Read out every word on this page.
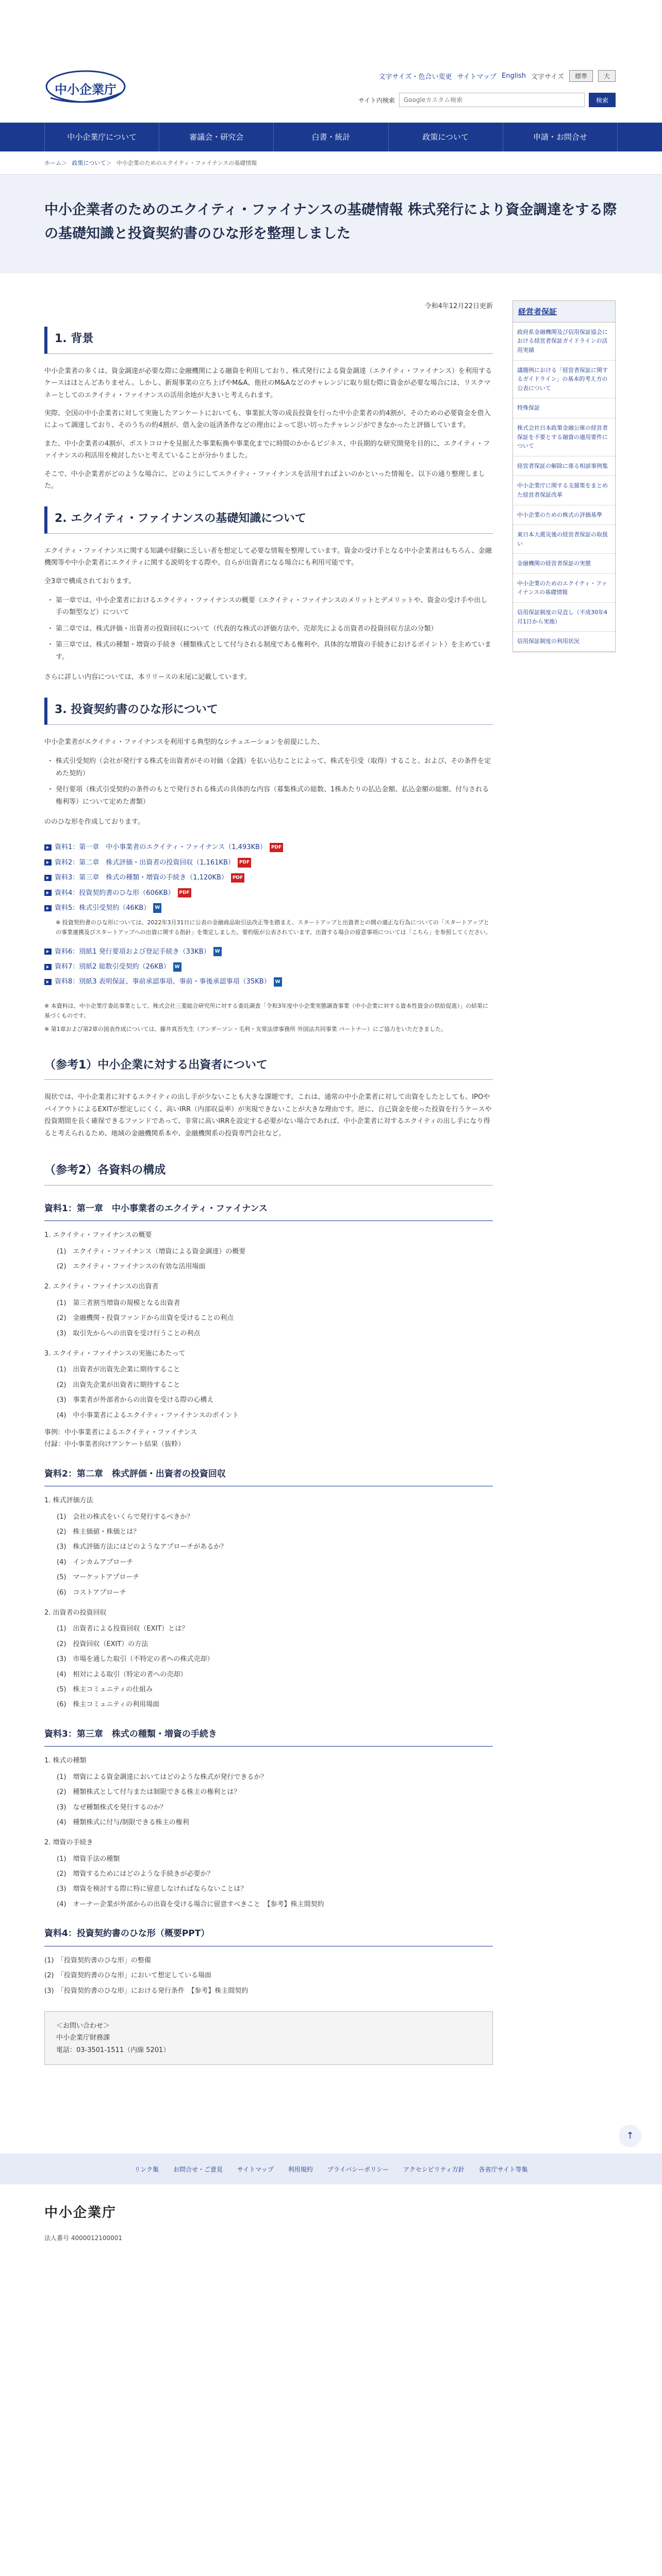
中小企業庁
文字サイズ・色合い変更 サイトマップ English 文字サイズ	標準	大
サイト内検索
Googleカスタム検索	検索
中小企業庁について	審議会・研究会	白書・統計	政策について	申請・お問合せ
ホーム＞ 政策について＞ 中小企業のためのエクイティ・ファイナンスの基礎情報
中小企業者のためのエクイティ・ファイナンスの基礎情報 株式発行により資金調達をする際の基礎知識と投資契約書のひな形を整理しました
令和4年12月22日更新
1. 背景

中小企業者の多くは、資金調達が必要な際に金融機関による融資を利用しており、株式発行による資金調達（エクイティ・ファイナンス）を利用するケースはほとんどありません。しかし、新規事業の立ち上げやM&A、他社のM&Aなどのチャレンジに取り組む際に資金が必要な場合には、リスクマネーとしてのエクイティ・ファイナンスの活用余地が大きいと考えられます。

実際、全国の中小企業者に対して実施したアンケートにおいても、事業拡大等の成長投資を行った中小企業者の約4割が、そのための必要資金を借入によって調達しており、そのうちの約4割が、借入金の返済条件などの理由によって思い切ったチャレンジができなかったと評価しています。

また、中小企業者の4割が、ポストコロナを見据えた事業転換や事業化までに時間のかかるビジネス、中長期的な研究開発を目的に、エクイティ・ファイナンスの利活用を検討したいと考えていることが分かりました。

そこで、中小企業者がどのような場合に、どのようにしてエクイティ・ファイナンスを活用すればよいのかといった情報を、以下の通り整理しました。

2. エクイティ・ファイナンスの基礎知識について

エクイティ・ファイナンスに関する知識や経験に乏しい者を想定して必要な情報を整理しています。資金の受け手となる中小企業者はもちろん、金融機関等や中小企業者にエクイティに関する説明をする際や、自らが出資者になる場合にも利用可能です。

全3章で構成されております。

・ 第一章では、中小企業者におけるエクイティ・ファイナンスの概要（エクイティ・ファイナンスのメリットとデメリットや、資金の受け手や出し手の類型など）について
・ 第二章では、株式評価・出資者の投資回収について（代表的な株式の評価方法や、売却先による出資者の投資回収方法の分類）
・ 第三章では、株式の種類・増資の手続き（種類株式として付与される制度である権利や、具体的な増資の手続きにおけるポイント）を主めています。

さらに詳しい内容については、本リリースの末尾に記載しています。

3. 投資契約書のひな形について

中小企業者がエクイティ・ファイナンスを利用する典型的なシチュエーションを前提にした、

・ 株式引受契約（会社が発行する株式を出資者がその対価（金銭）を払い込むことによって、株式を引受（取得）すること、および、その条件を定めた契約）
・ 発行要項（株式引受契約の条件のもとで発行される株式の具体的な内容（募集株式の総数、1株あたりの払込金額、払込金額の総額、付与される権利等）について定めた書類）

ののひな形を作成しております。

資料1：第一章　中小事業者のエクイティ・ファイナンス（1,493KB）	PDF
資料2：第二章　株式評価・出資者の投資回収（1,161KB）	PDF
資料3：第三章　株式の種類・増資の手続き（1,120KB）	PDF
資料4：投資契約書のひな形（606KB）	PDF
資料5：株式引受契約（46KB）	W

※ 投資契約書のひな形については、2022年3月31日に公表の金融商品取引法改正等を踏まえ、スタートアップと出資者との間の適正な行為についての「スタートアップとの事業連携及びスタートアップへの出資に関する指針」を策定しました。要約版が公表されています。出資する場合の留意事項については「こちら」を参照してください。

資料6：別紙1 発行要項および登記手続き（33KB）	W
資料7：別紙2 総数引受契約（26KB）	W
資料8：別紙3 表明保証、事前承認事項、事前・事後承認事項（35KB）	W

※ 本資料は、中小企業庁委託事業として、株式会社三菱総合研究所に対する委託調査「令和3年度中小企業実態調査事業（中小企業に対する資本性資金の供給促進）」の結果に基づくものです。

※ 第1章および第2章の図表作成については、藤井真吾先生（アンダーソン・毛利・友常法律事務所 外国法共同事業 パートナー）にご協力をいただきました。

（参考1）中小企業に対する出資者について

現状では、中小企業者に対するエクイティの出し手が少ないことも大きな課題です。これは、通常の中小企業者に対して出資をしたとしても、IPOやバイアウトによるEXITが想定しにくく、高いIRR（内部収益率）が実現できないことが大きな理由です。逆に、自己資金を使った投資を行うケースや投資期間を長く確保できるファンドであって、非常に高いIRRを設定する必要がない場合であれば、中小企業者に対するエクイティの出し手になり得ると考えられるため、地域の金融機関系本や、金融機関系の投資専門会社など。

（参考2）各資料の構成
資料1：第一章　中小事業者のエクイティ・ファイナンス
1. エクイティ・ファイナンスの概要
(1)　エクイティ・ファイナンス（増資による資金調達）の概要
(2)　エクイティ・ファイナンスの有効な活用場面
2. エクイティ・ファイナンスの出資者
(1)　第三者割当増資の規模となる出資者
(2)　金融機関・投資ファンドから出資を受けることの利点
(3)　取引先からへの出資を受け行うことの利点
3. エクイティ・ファイナンスの実施にあたって
(1)　出資者が出資先企業に期待すること
(2)　出資先企業が出資者に期待すること
(3)　事業者が外部者からの出資を受ける際の心構え
(4)　中小事業者によるエクイティ・ファイナンスのポイント
事例：中小事業者によるエクイティ・ファイナンス
付録：中小事業者向けアンケート結果（抜粋）
資料2：第二章　株式評価・出資者の投資回収
1. 株式評価方法
(1)　会社の株式をいくらで発行するべきか？
(2)　株主価値・株価とは？
(3)　株式評価方法にはどのようなアプローチがあるか？
(4)　インカムアプローチ
(5)　マーケットアプローチ
(6)　コストアプローチ
2. 出資者の投資回収
(1)　出資者による投資回収（EXIT）とは？
(2)　投資回収（EXIT）の方法
(3)　市場を通した取引（不特定の者への株式売却）
(4)　相対による取引（特定の者への売却）
(5)　株主コミュニティの仕組み
(6)　株主コミュニティの利用場面
資料3：第三章　株式の種類・増資の手続き
1. 株式の種類
(1)　増資による資金調達においてはどのような株式が発行できるか？
(2)　種類株式として付与または制限できる株主の権利とは？
(3)　なぜ種類株式を発行するのか？
(4)　種類株式に付与/制限できる株主の権利
2. 増資の手続き
(1)　増資手法の種類
(2)　増資するためにはどのような手続きが必要か？
(3)　増資を検討する際に特に留意しなければならないことは？
(4)　オーナー企業が外部からの出資を受ける場合に留意すべきこと　【参考】株主間契約
資料4：投資契約書のひな形（概要PPT）
(1)　「投資契約書のひな形」の整備
(2)　「投資契約書のひな形」において想定している場面
(3)　「投資契約書のひな形」における発行条件　【参考】株主間契約
＜お問い合わせ＞
中小企業庁財務課
電話：03-3501-1511（内線 5201）
経営者保証
政府系金融機関及び信用保証協会における経営者保証ガイドラインの活用実績
議題例における「経営者保証に関するガイドライン」の基本的考え方の公表について
特殊保証
株式会社日本政策金融公庫の経営者保証を不要とする融資の適用要件について
経営者保証の解除に係る相談事例集
中小企業庁に関する支援策をまとめた経営者保証改革
中小企業のための株式の評価基準
東日本大震災後の経営者保証の取扱い
金融機関の経営者保証の実態
中小企業のためのエクイティ・ファイナンスの基礎情報
信用保証制度の見直し（平成30年4月1日から実施）
信用保証制度の利用状況
↑
リンク集 お問合せ・ご意見 サイトマップ 利用規約 プライバシーポリシー アクセシビリティ方針 各省庁サイト等集
中小企業庁
法人番号 4000012100001
